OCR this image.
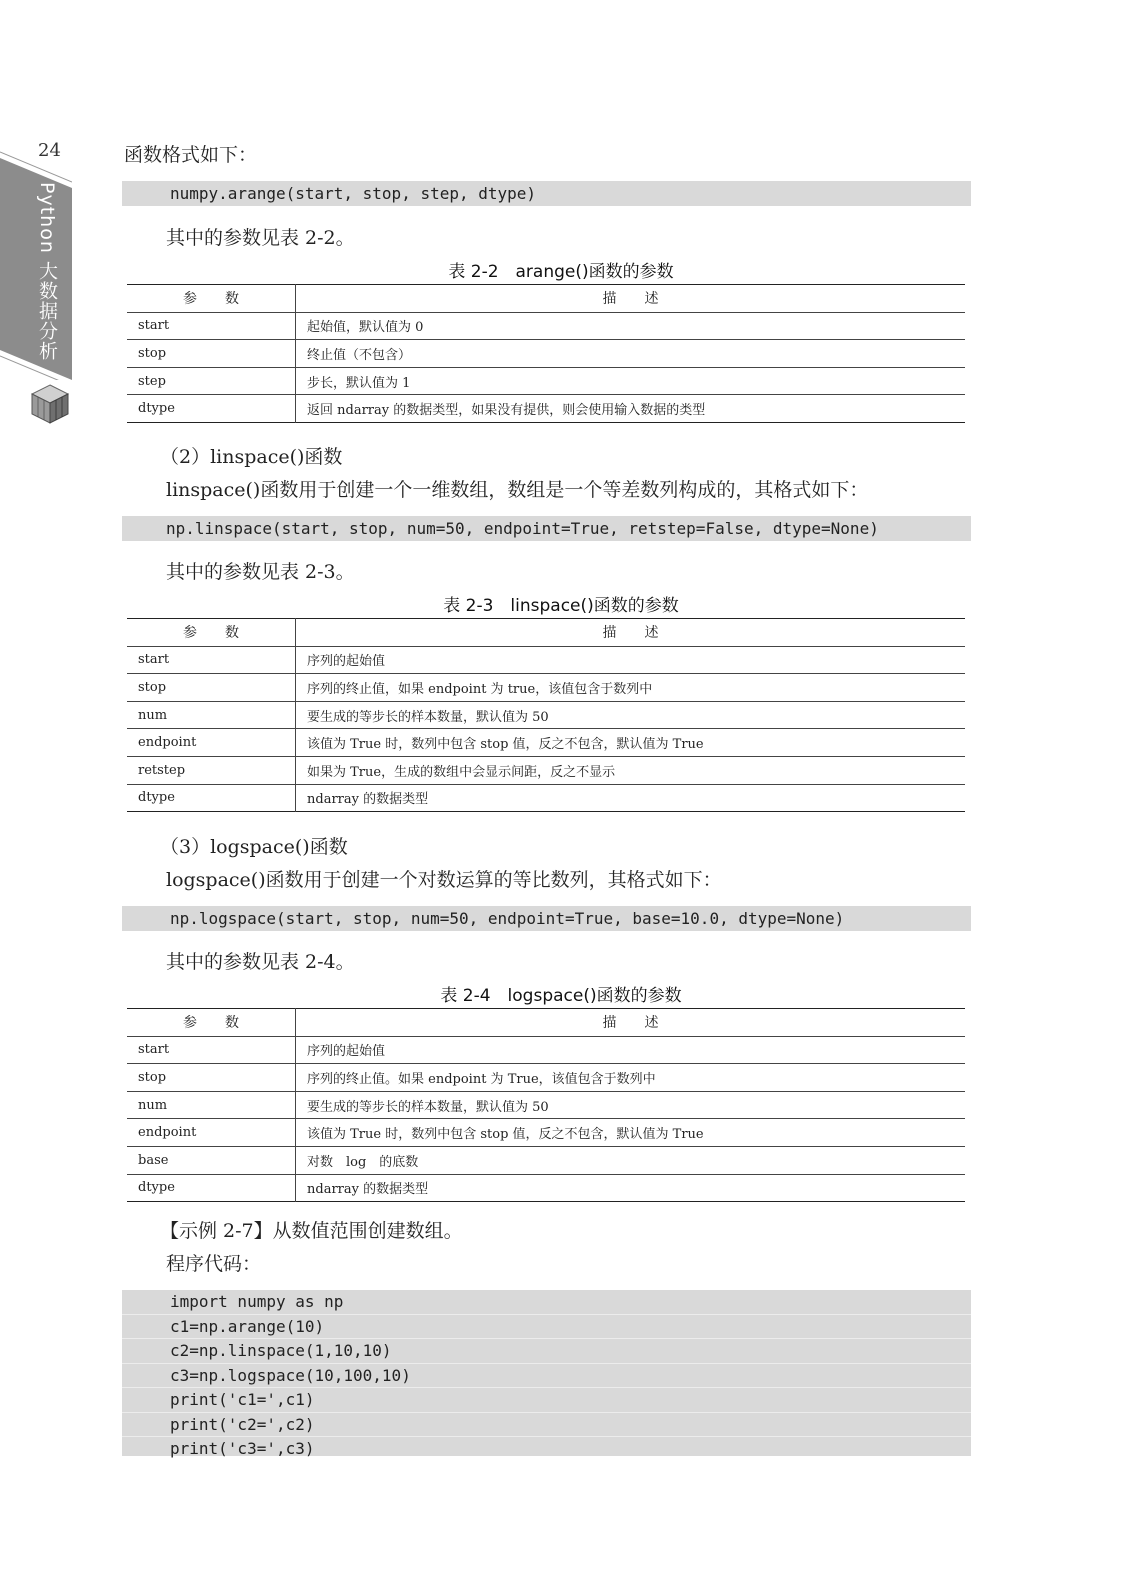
24
Python 大数据分析
函数格式如下：
numpy.arange(start, stop, step, dtype)
其中的参数见表 2-2。
表 2-2　arange()函数的参数
参　　数	描　　述
start	起始值，默认值为 0
stop	终止值（不包含）
step	步长，默认值为 1
dtype	返回 ndarray 的数据类型，如果没有提供，则会使用输入数据的类型
（2）linspace()函数
linspace()函数用于创建一个一维数组，数组是一个等差数列构成的，其格式如下：
np.linspace(start, stop, num=50, endpoint=True, retstep=False, dtype=None)
其中的参数见表 2-3。
表 2-3　linspace()函数的参数
参　　数	描　　述
start	序列的起始值
stop	序列的终止值，如果 endpoint 为 true，该值包含于数列中
num	要生成的等步长的样本数量，默认值为 50
endpoint	该值为 True 时，数列中包含 stop 值，反之不包含，默认值为 True
retstep	如果为 True，生成的数组中会显示间距，反之不显示
dtype	ndarray 的数据类型
（3）logspace()函数
logspace()函数用于创建一个对数运算的等比数列，其格式如下：
np.logspace(start, stop, num=50, endpoint=True, base=10.0, dtype=None)
其中的参数见表 2-4。
表 2-4　logspace()函数的参数
参　　数	描　　述
start	序列的起始值
stop	序列的终止值。如果 endpoint 为 True，该值包含于数列中
num	要生成的等步长的样本数量，默认值为 50
endpoint	该值为 True 时，数列中包含 stop 值，反之不包含，默认值为 True
base	对数　log　的底数
dtype	ndarray 的数据类型
【示例 2-7】从数值范围创建数组。
程序代码：
import numpy as np
c1=np.arange(10)
c2=np.linspace(1,10,10)
c3=np.logspace(10,100,10)
print('c1=',c1)
print('c2=',c2)
print('c3=',c3)
